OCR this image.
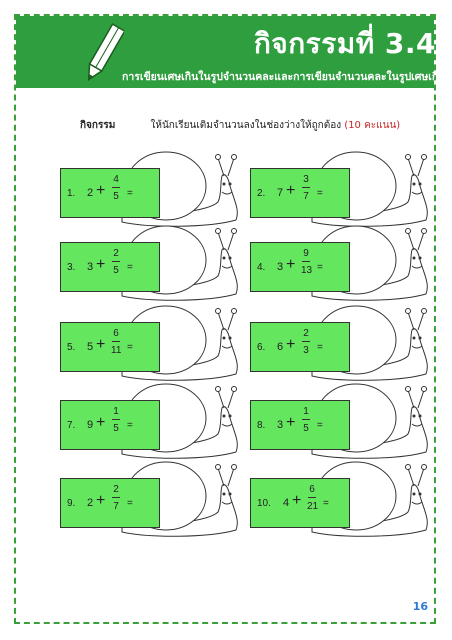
กิจกรรมที่ 3.4
การเขียนเศษเกินในรูปจำนวนคละและการเขียนจำนวนคละในรูปเศษเกิน
กิจกรรม	ให้นักเรียนเติมจำนวนลงในช่องว่างให้ถูกต้อง (10 คะแนน)
1. 2 +
4
5 =	2. 7 +
3
7 =
3. 3 +
2
5 =	4. 3 +
9
13 =
5. 5 +
6
11 =	6. 6 +
2
3 =
7. 9 +
1
5 =	8. 3 +
1
5 =
9. 2 +
2
7 =	10. 4 +
6
21 =
16
